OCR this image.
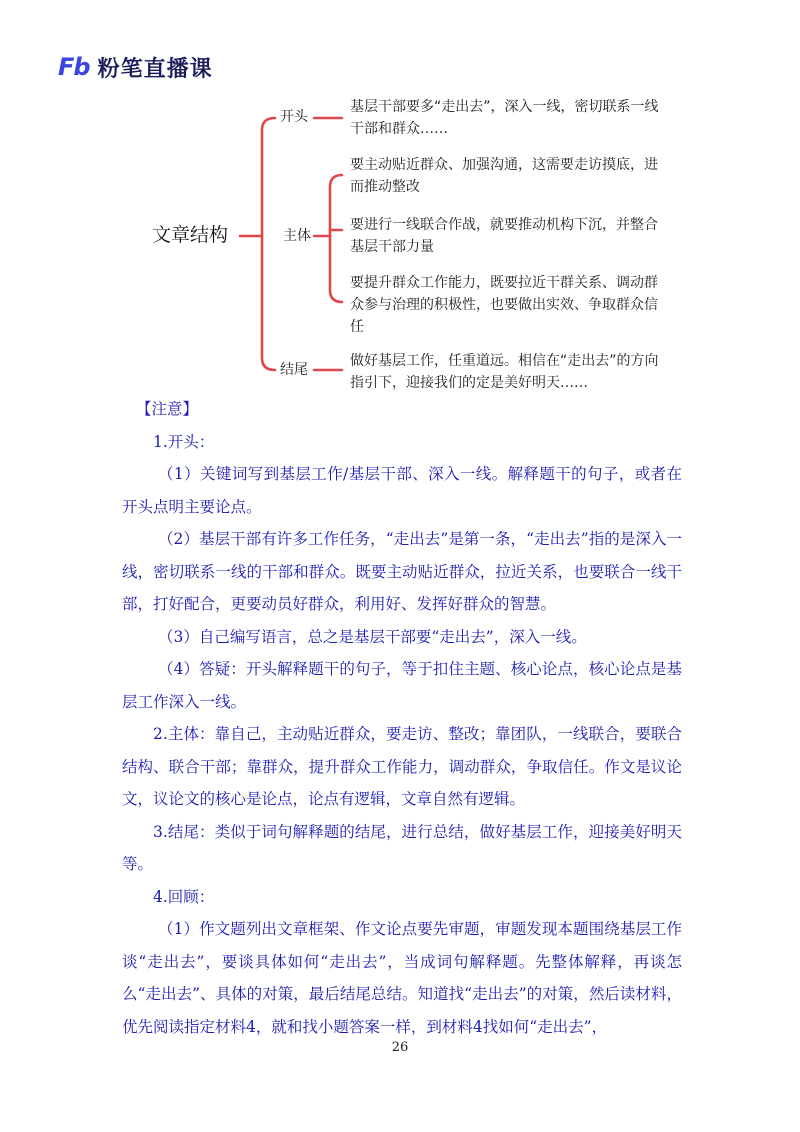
Fb 粉笔直播课
文章结构
开头
主体
结尾
基层干部要多“走出去”，深入一线，密切联系一线干部和群众……
要主动贴近群众、加强沟通，这需要走访摸底，进而推动整改
要进行一线联合作战，就要推动机构下沉，并整合基层干部力量
要提升群众工作能力，既要拉近干群关系、调动群众参与治理的积极性，也要做出实效、争取群众信任
做好基层工作，任重道远。相信在“走出去”的方向指引下，迎接我们的定是美好明天……

【注意】

1.开头：

（1）关键词写到基层工作/基层干部、深入一线。解释题干的句子，或者在开头点明主要论点。

（2）基层干部有许多工作任务，“走出去”是第一条，“走出去”指的是深入一线，密切联系一线的干部和群众。既要主动贴近群众，拉近关系，也要联合一线干部，打好配合，更要动员好群众，利用好、发挥好群众的智慧。

（3）自己编写语言，总之是基层干部要“走出去”，深入一线。

（4）答疑：开头解释题干的句子，等于扣住主题、核心论点，核心论点是基层工作深入一线。

2.主体：靠自己，主动贴近群众，要走访、整改；靠团队，一线联合，要联合结构、联合干部；靠群众，提升群众工作能力，调动群众，争取信任。作文是议论文，议论文的核心是论点，论点有逻辑，文章自然有逻辑。

3.结尾：类似于词句解释题的结尾，进行总结，做好基层工作，迎接美好明天等。

4.回顾：

（1）作文题列出文章框架、作文论点要先审题，审题发现本题围绕基层工作谈“走出去”，要谈具体如何“走出去”，当成词句解释题。先整体解释，再谈怎么“走出去”、具体的对策，最后结尾总结。知道找“走出去”的对策，然后读材料，优先阅读指定材料4，就和找小题答案一样，到材料4找如何“走出去”，

26
